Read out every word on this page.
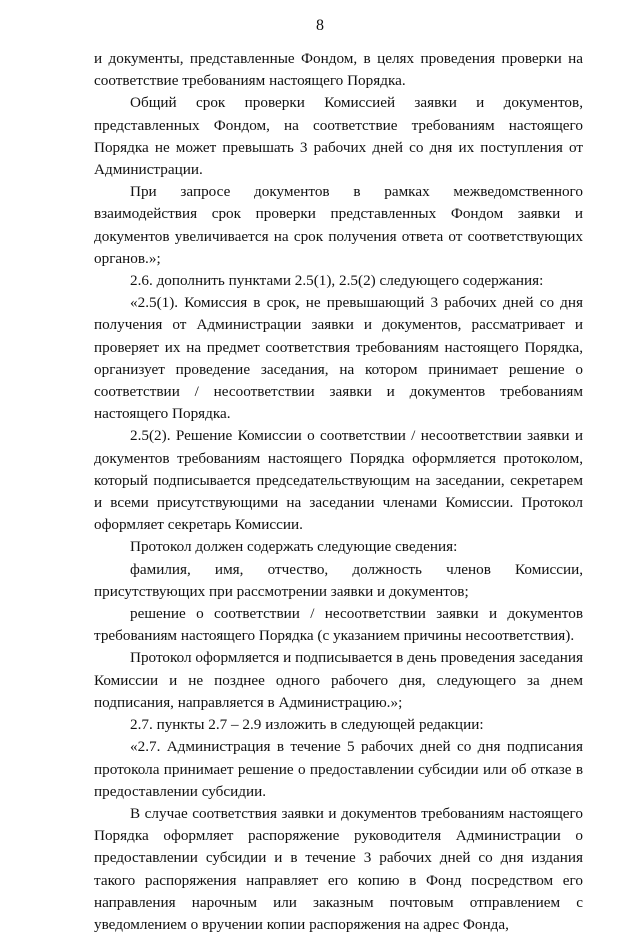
8

и документы, представленные Фондом, в целях проведения проверки на соответствие требованиям настоящего Порядка.

Общий срок проверки Комиссией заявки и документов, представленных Фондом, на соответствие требованиям настоящего Порядка не может превышать 3 рабочих дней со дня их поступления от Администрации.

При запросе документов в рамках межведомственного взаимодействия срок проверки представленных Фондом заявки и документов увеличивается на срок получения ответа от соответствующих органов.»;

2.6. дополнить пунктами 2.5(1), 2.5(2) следующего содержания:

«2.5(1). Комиссия в срок, не превышающий 3 рабочих дней со дня получения от Администрации заявки и документов, рассматривает и проверяет их на предмет соответствия требованиям настоящего Порядка, организует проведение заседания, на котором принимает решение о соответствии / несоответствии заявки и документов требованиям настоящего Порядка.

2.5(2). Решение Комиссии о соответствии / несоответствии заявки и документов требованиям настоящего Порядка оформляется протоколом, который подписывается председательствующим на заседании, секретарем и всеми присутствующими на заседании членами Комиссии. Протокол оформляет секретарь Комиссии.

Протокол должен содержать следующие сведения:

фамилия, имя, отчество, должность членов Комиссии, присутствующих при рассмотрении заявки и документов;

решение о соответствии / несоответствии заявки и документов требованиям настоящего Порядка (с указанием причины несоответствия).

Протокол оформляется и подписывается в день проведения заседания Комиссии и не позднее одного рабочего дня, следующего за днем подписания, направляется в Администрацию.»;

2.7. пункты 2.7 – 2.9 изложить в следующей редакции:

«2.7. Администрация в течение 5 рабочих дней со дня подписания протокола принимает решение о предоставлении субсидии или об отказе в предоставлении субсидии.

В случае соответствия заявки и документов требованиям настоящего Порядка оформляет распоряжение руководителя Администрации о предоставлении субсидии и в течение 3 рабочих дней со дня издания такого распоряжения направляет его копию в Фонд посредством его направления нарочным или заказным почтовым отправлением с уведомлением о вручении копии распоряжения на адрес Фонда,
